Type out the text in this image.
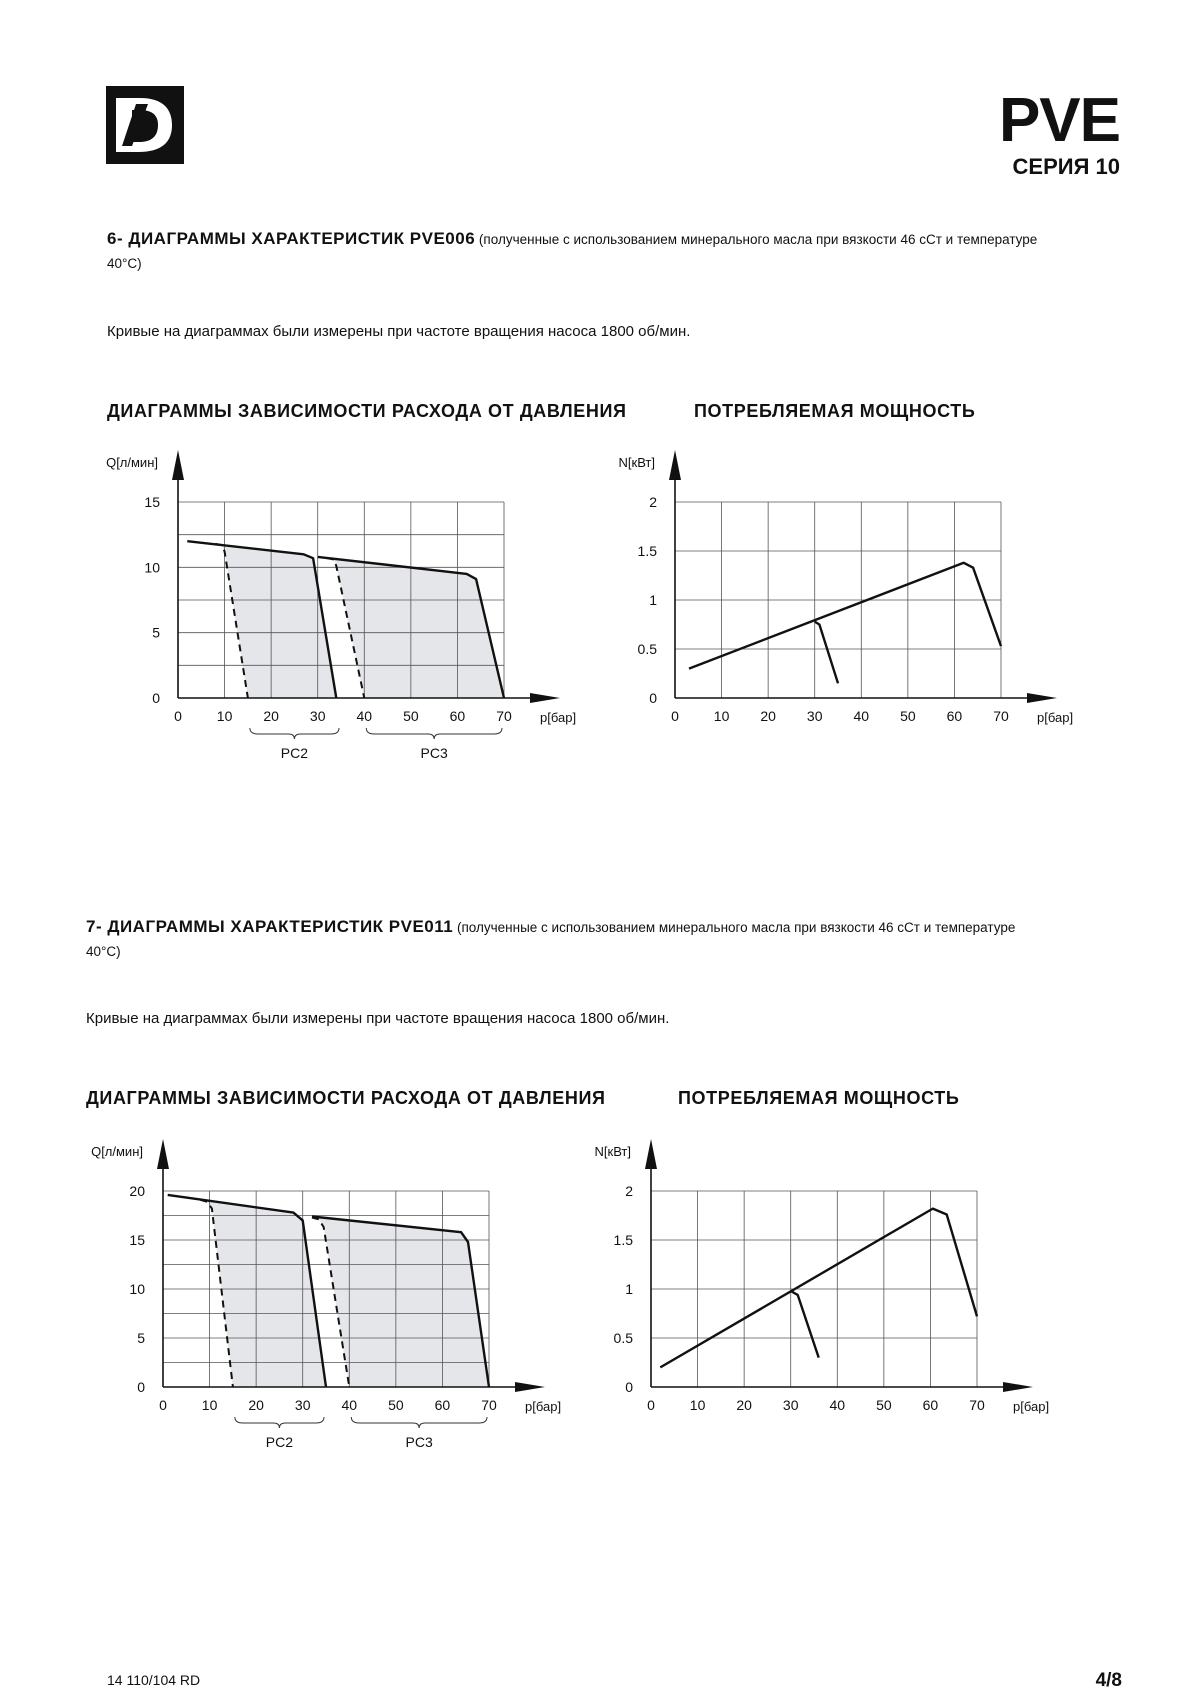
PVE
СЕРИЯ 10
6- ДИАГРАММЫ ХАРАКТЕРИСТИК PVE006 (полученные с использованием минерального масла при вязкости 46 сСт и температуре 40°C)
Кривые на диаграммах были измерены при частоте вращения насоса 1800 об/мин.
ДИАГРАММЫ ЗАВИСИМОСТИ РАСХОДА ОТ ДАВЛЕНИЯ	ПОТРЕБЛЯЕМАЯ МОЩНОСТЬ
0 10 20 30 40 50 60 70
0
5
10
15
Q[л/мин]
p[бар]
PC2	PC3
0 10 20 30 40 50 60 70
0
0.5
1
1.5
2
N[кВт]
p[бар]
7- ДИАГРАММЫ ХАРАКТЕРИСТИК PVE011 (полученные с использованием минерального масла при вязкости 46 сСт и температуре 40°C)
Кривые на диаграммах были измерены при частоте вращения насоса 1800 об/мин.
ДИАГРАММЫ ЗАВИСИМОСТИ РАСХОДА ОТ ДАВЛЕНИЯ	ПОТРЕБЛЯЕМАЯ МОЩНОСТЬ
0 10 20 30 40 50 60 70
0
5
10
15
20
Q[л/мин]
p[бар]
PC2	PC3
0 10 20 30 40 50 60 70
0
0.5
1
1.5
2
N[кВт]
p[бар]
14 110/104 RD	4/8
